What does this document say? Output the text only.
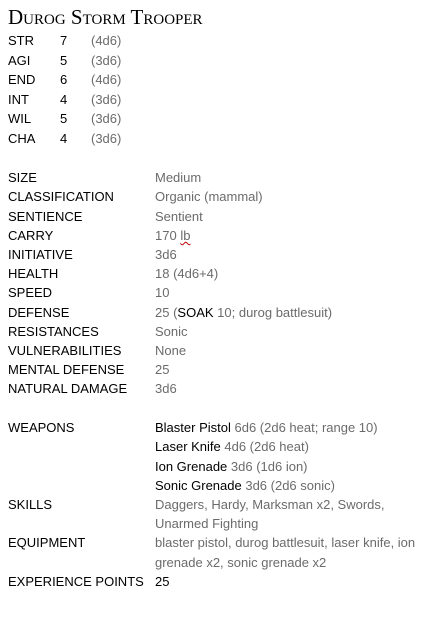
Durog Storm Trooper
STR	7	(4d6)
AGI	5	(3d6)
END	6	(4d6)
INT	4	(3d6)
WIL	5	(3d6)
CHA	4	(3d6)
SIZE	Medium
CLASSIFICATION	Organic (mammal)
SENTIENCE	Sentient
CARRY	170 lb
INITIATIVE	3d6
HEALTH	18 (4d6+4)
SPEED	10
DEFENSE	25 (SOAK 10; durog battlesuit)
RESISTANCES	Sonic
VULNERABILITIES	None
MENTAL DEFENSE	25
NATURAL DAMAGE	3d6
WEAPONS	Blaster Pistol 6d6 (2d6 heat; range 10)
Laser Knife 4d6 (2d6 heat)
Ion Grenade 3d6 (1d6 ion)
Sonic Grenade 3d6 (2d6 sonic)
SKILLS	Daggers, Hardy, Marksman x2, Swords, Unarmed Fighting
EQUIPMENT	blaster pistol, durog battlesuit, laser knife, ion grenade x2, sonic grenade x2
EXPERIENCE POINTS 25
